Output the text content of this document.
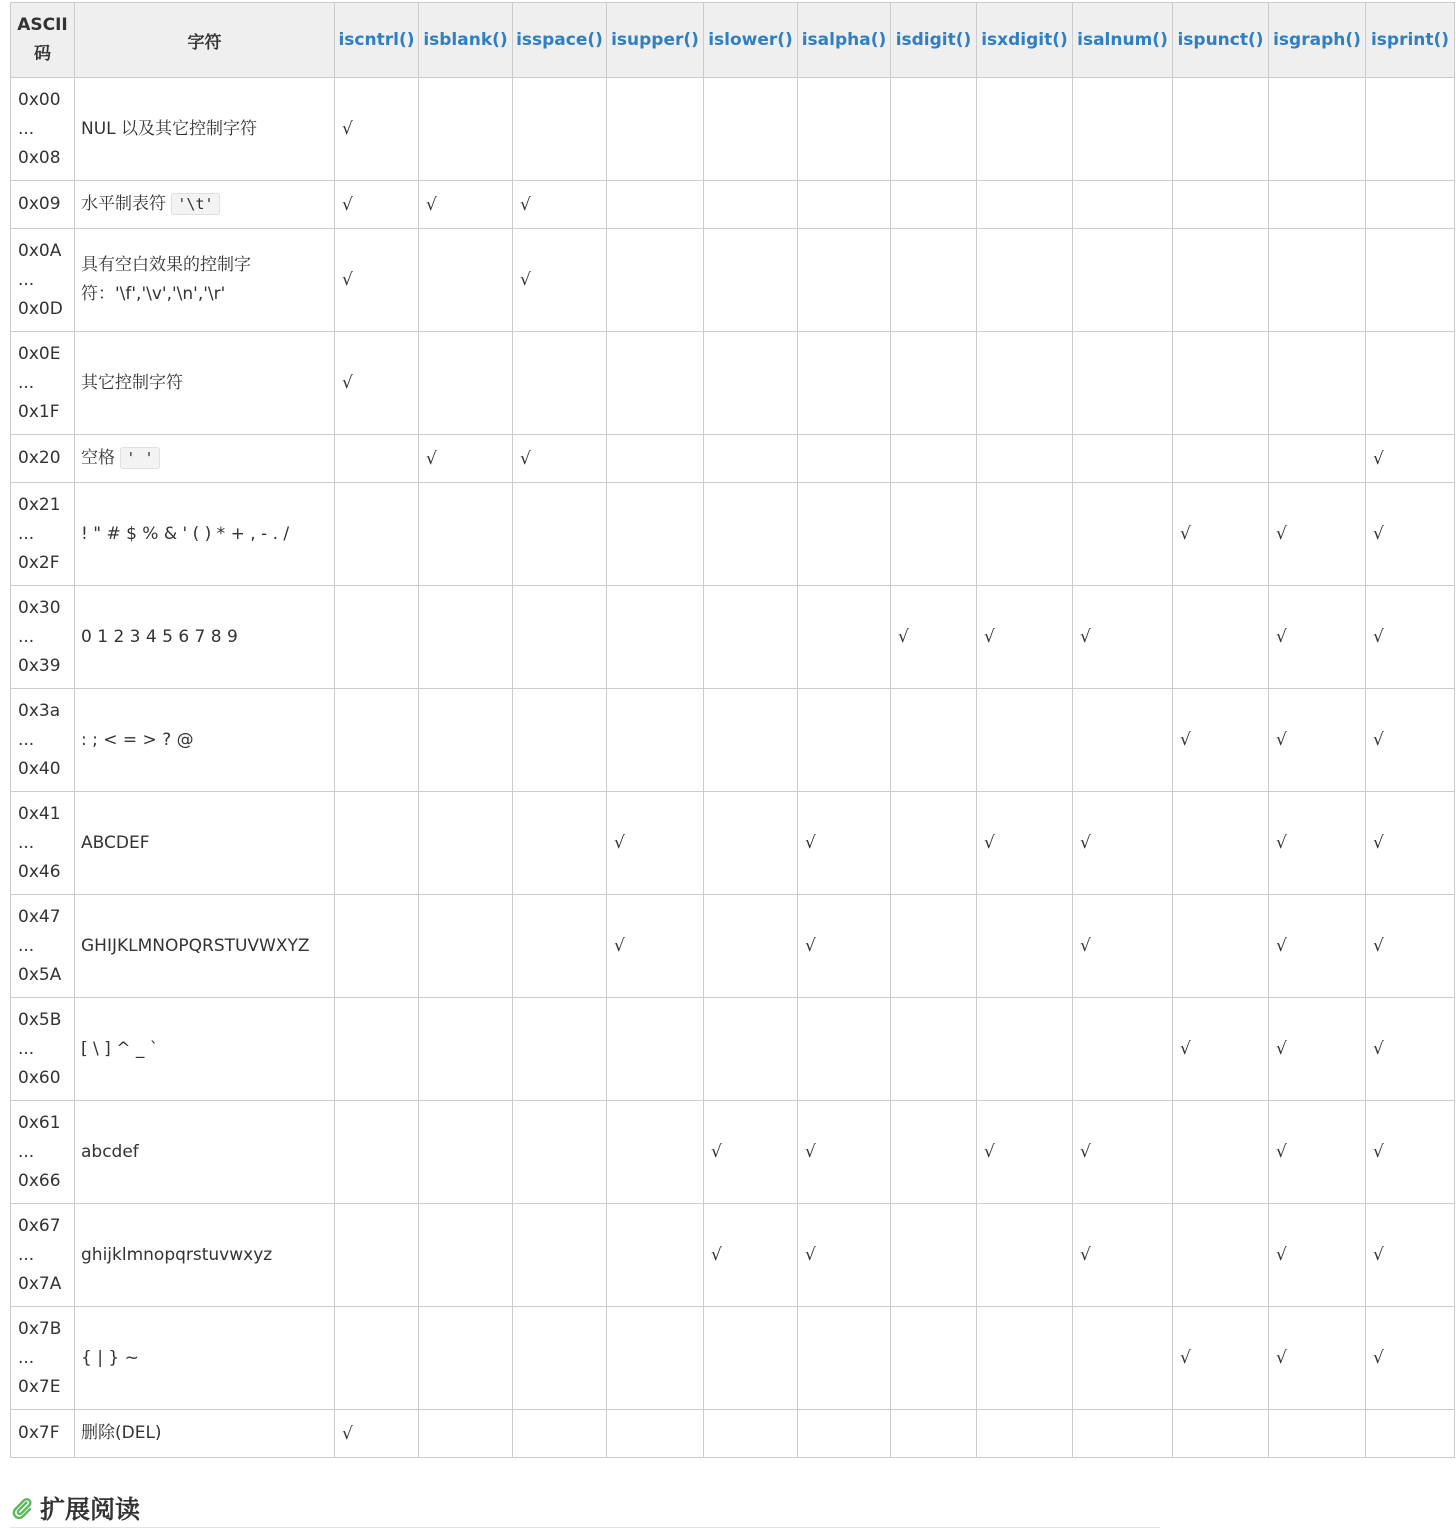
ASCII
码	字符	iscntrl()	isblank()	isspace()	isupper()	islower()	isalpha()	isdigit()	isxdigit()	isalnum()	ispunct()	isgraph()	isprint()

0x00
...
0x08	NUL 以及其它控制字符	√											
0x09	水平制表符 '\t'	√	√	√									

0x0A
...
0x0D	具有空白效果的控制字
符：'\f','\v','\n','\r'	√		√									

0x0E
...
0x1F	其它控制字符	√											
0x20	空格 ' '		√	√									√

0x21
...
0x2F	! " # $ % & ' ( ) * + , - . /										√	√	√

0x30
...
0x39	0 1 2 3 4 5 6 7 8 9							√	√	√		√	√

0x3a
...
0x40	: ; < = > ? @										√	√	√

0x41
...
0x46	ABCDEF				√		√		√	√		√	√

0x47
...
0x5A	GHIJKLMNOPQRSTUVWXYZ				√		√			√		√	√

0x5B
...
0x60	[ \ ] ^ _ `										√	√	√

0x61
...
0x66	abcdef					√	√		√	√		√	√

0x67
...
0x7A	ghijklmnopqrstuvwxyz					√	√			√		√	√

0x7B
...
0x7E	{ | } ~										√	√	√
0x7F	删除(DEL)	√											
扩展阅读
